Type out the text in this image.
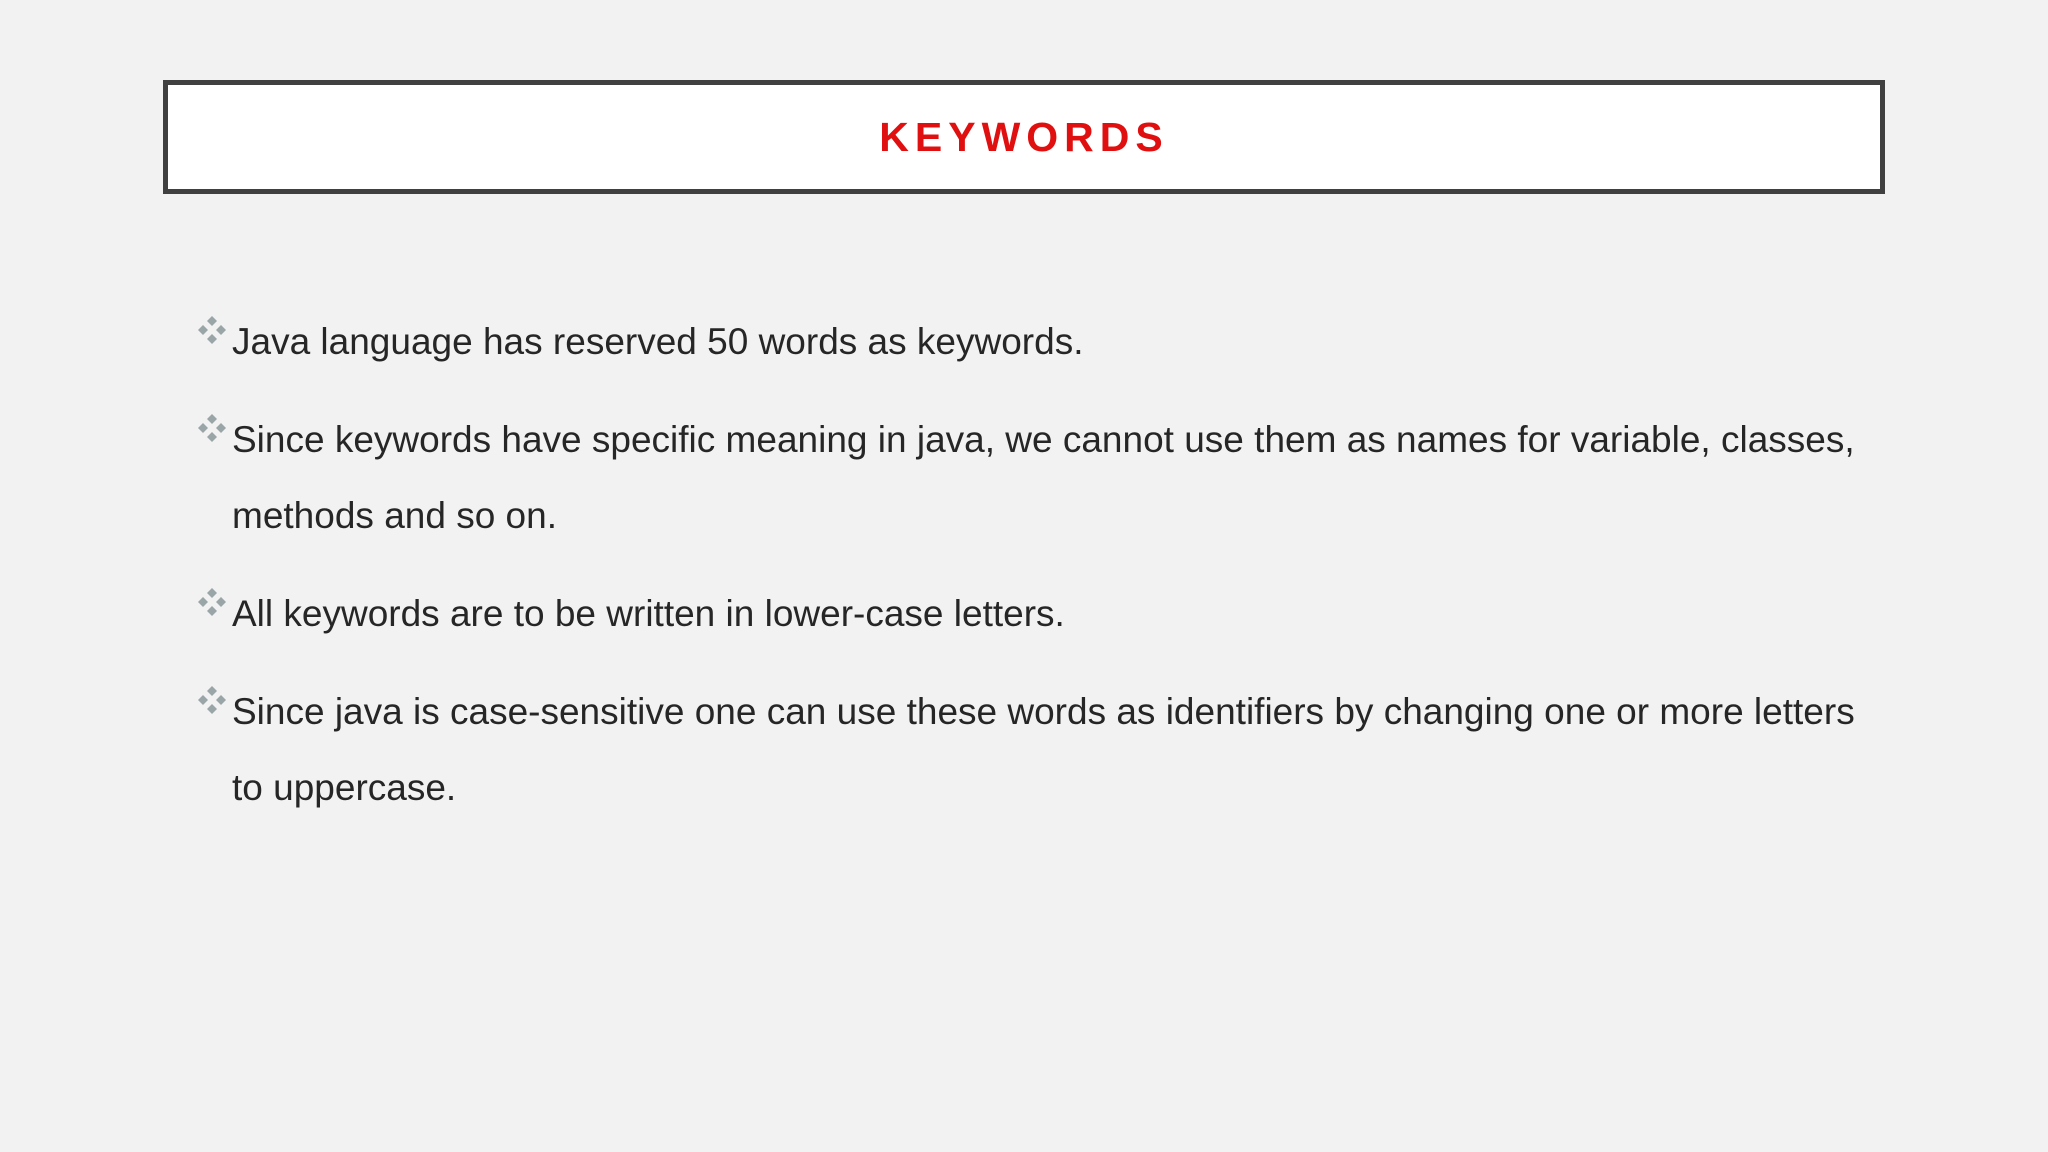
KEYWORDS
Java language has reserved 50 words as keywords.
Since keywords have specific meaning in java, we cannot use them as names for variable, classes, methods and so on.
All keywords are to be written in lower-case letters.
Since java is case-sensitive one can use these words as identifiers by changing one or more letters to uppercase.
